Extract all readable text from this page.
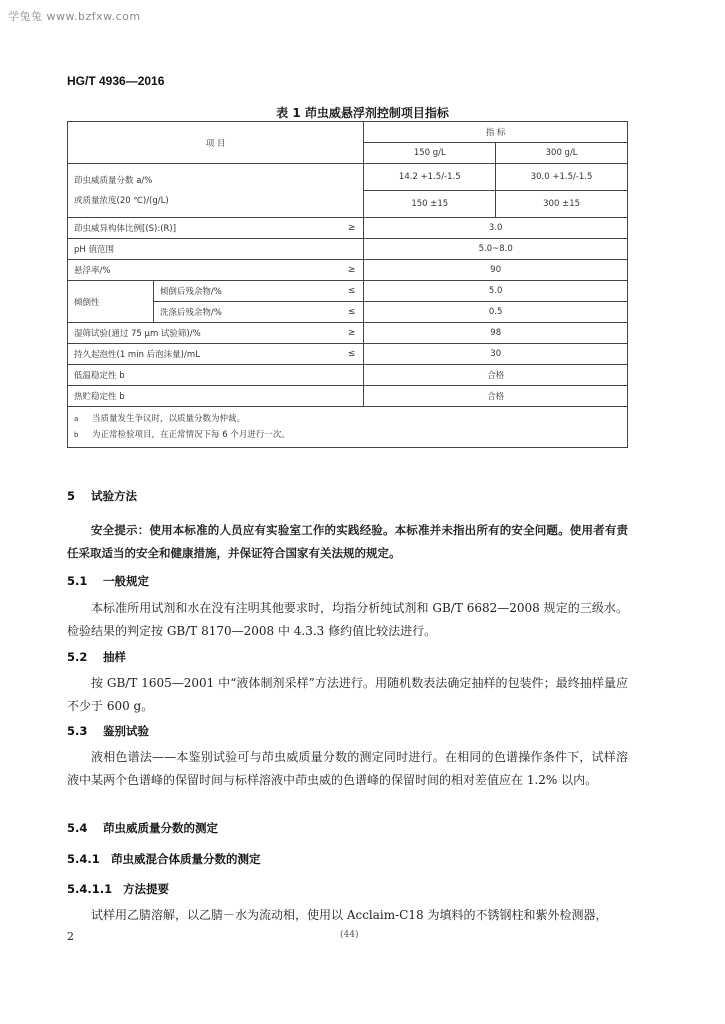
学兔兔 www.bzfxw.com
HG/T 4936—2016
表 1 茚虫威悬浮剂控制项目指标
项 目			指 标	
			150 g/L	300 g/L

茚虫威质量分数 a/%
或质量浓度(20 ℃)/(g/L)			14.2 +1.5/-1.5	30.0 +1.5/-1.5
			150 ±15	300 ±15
茚虫威异构体比例[(S):(R)]		≥	3.0	
pH 值范围			5.0~8.0	
悬浮率/%		≥	90	
倾倒性	倾倒后残余物/%	≤	5.0	
	洗涤后残余物/%	≤	0.5	
湿筛试验(通过 75 μm 试验筛)/%		≥	98	
持久起泡性(1 min 后泡沫量)/mL		≤	30	
低温稳定性 b			合格	
热贮稳定性 b			合格	

a 当质量发生争议时，以质量分数为仲裁。
b 为正常检验项目，在正常情况下每 6 个月进行一次。				
5 试验方法
安全提示：使用本标准的人员应有实验室工作的实践经验。本标准并未指出所有的安全问题。使用者有责任采取适当的安全和健康措施，并保证符合国家有关法规的规定。
5.1 一般规定
本标准所用试剂和水在没有注明其他要求时，均指分析纯试剂和 GB/T 6682—2008 规定的三级水。检验结果的判定按 GB/T 8170—2008 中 4.3.3 修约值比较法进行。
5.2 抽样
按 GB/T 1605—2001 中“液体制剂采样”方法进行。用随机数表法确定抽样的包装件；最终抽样量应不少于 600 g。
5.3 鉴别试验
液相色谱法——本鉴别试验可与茚虫威质量分数的测定同时进行。在相同的色谱操作条件下，试样溶液中某两个色谱峰的保留时间与标样溶液中茚虫威的色谱峰的保留时间的相对差值应在 1.2% 以内。
5.4 茚虫威质量分数的测定
5.4.1 茚虫威混合体质量分数的测定
5.4.1.1 方法提要
试样用乙腈溶解，以乙腈－水为流动相，使用以 Acclaim-C18 为填料的不锈钢柱和紫外检测器，
2	(44)
